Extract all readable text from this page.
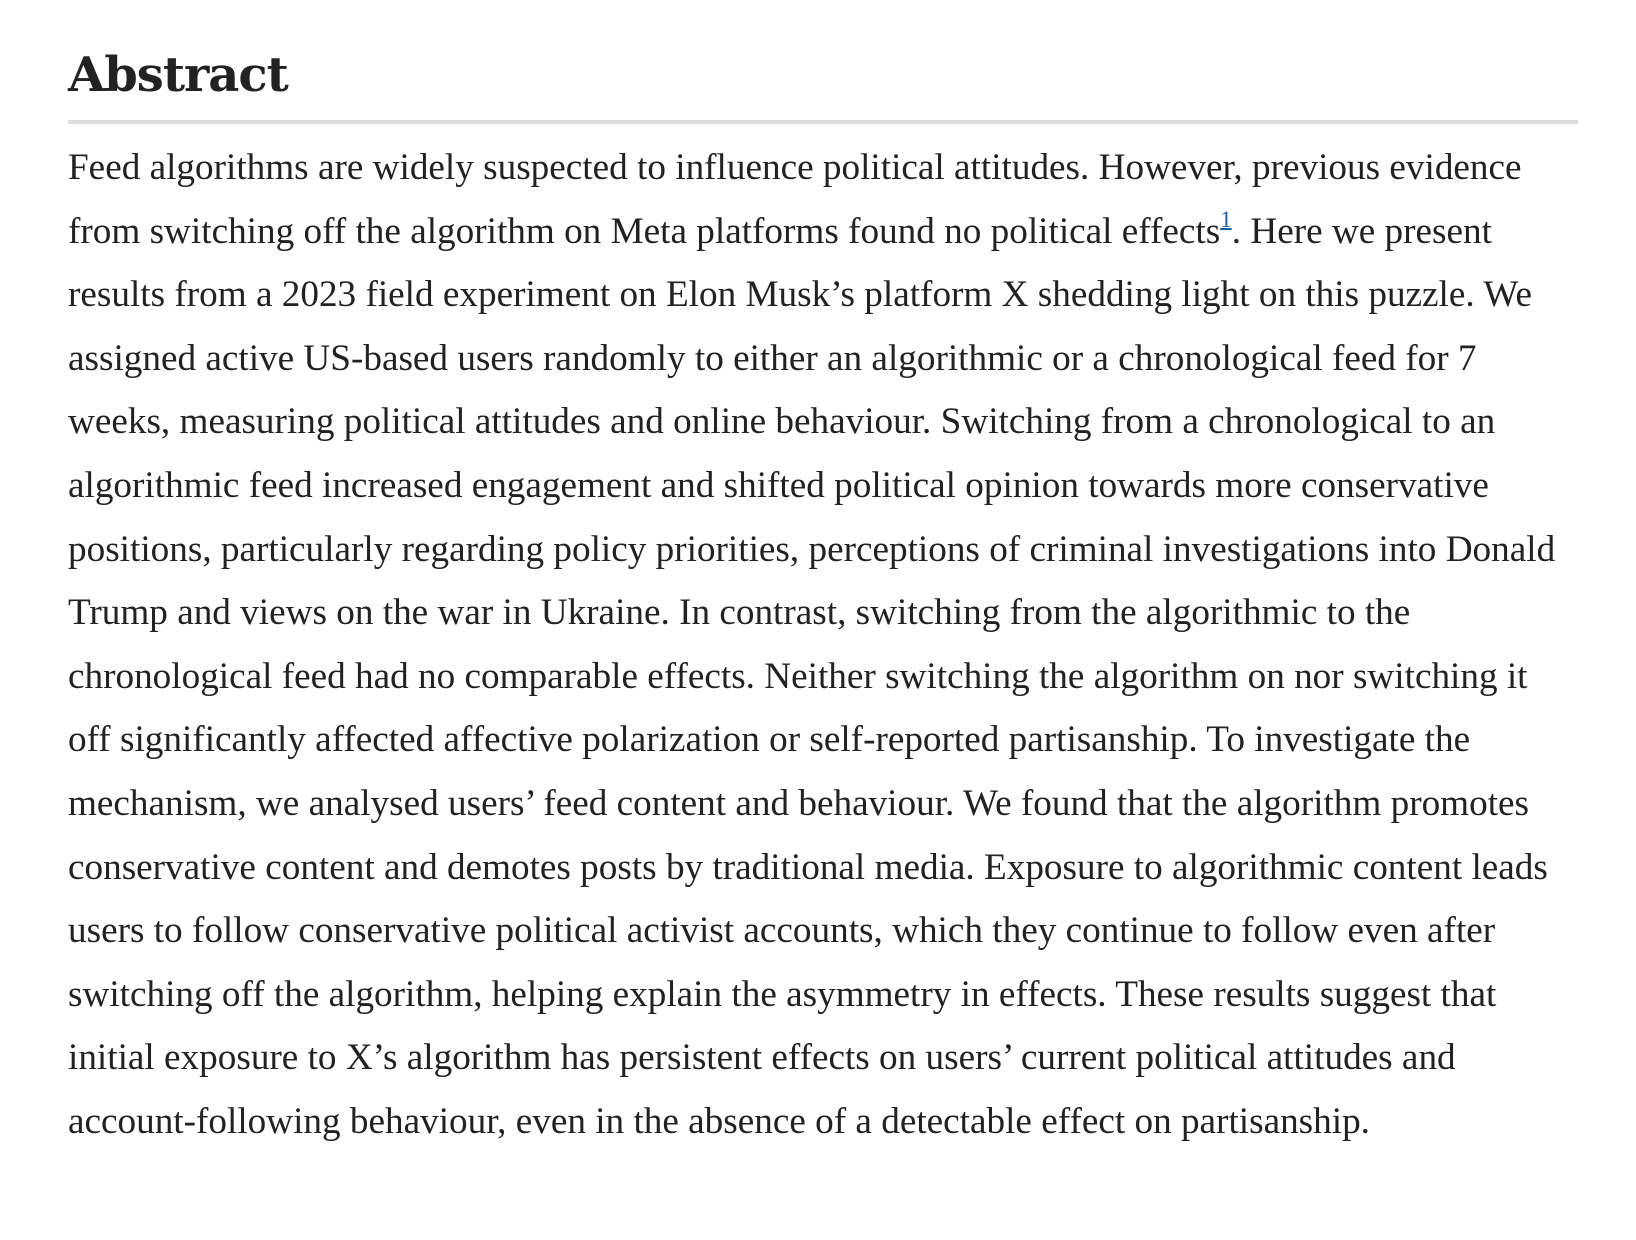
Abstract

Feed algorithms are widely suspected to influence political attitudes. However, previous evidence from switching off the algorithm on Meta platforms found no political effects$^1$. Here we present results from a 2023 field experiment on Elon Musk’s platform X shedding light on this puzzle. We assigned active US-based users randomly to either an algorithmic or a chronological feed for 7 weeks, measuring political attitudes and online behaviour. Switching from a chronological to an algorithmic feed increased engagement and shifted political opinion towards more conservative positions, particularly regarding policy priorities, perceptions of criminal investigations into Donald Trump and views on the war in Ukraine. In contrast, switching from the algorithmic to the chronological feed had no comparable effects. Neither switching the algorithm on nor switching it off significantly affected affective polarization or self-reported partisanship. To investigate the mechanism, we analysed users’ feed content and behaviour. We found that the algorithm promotes conservative content and demotes posts by traditional media. Exposure to algorithmic content leads users to follow conservative political activist accounts, which they continue to follow even after switching off the algorithm, helping explain the asymmetry in effects. These results suggest that initial exposure to X’s algorithm has persistent effects on users’ current political attitudes and account-following behaviour, even in the absence of a detectable effect on partisanship.
